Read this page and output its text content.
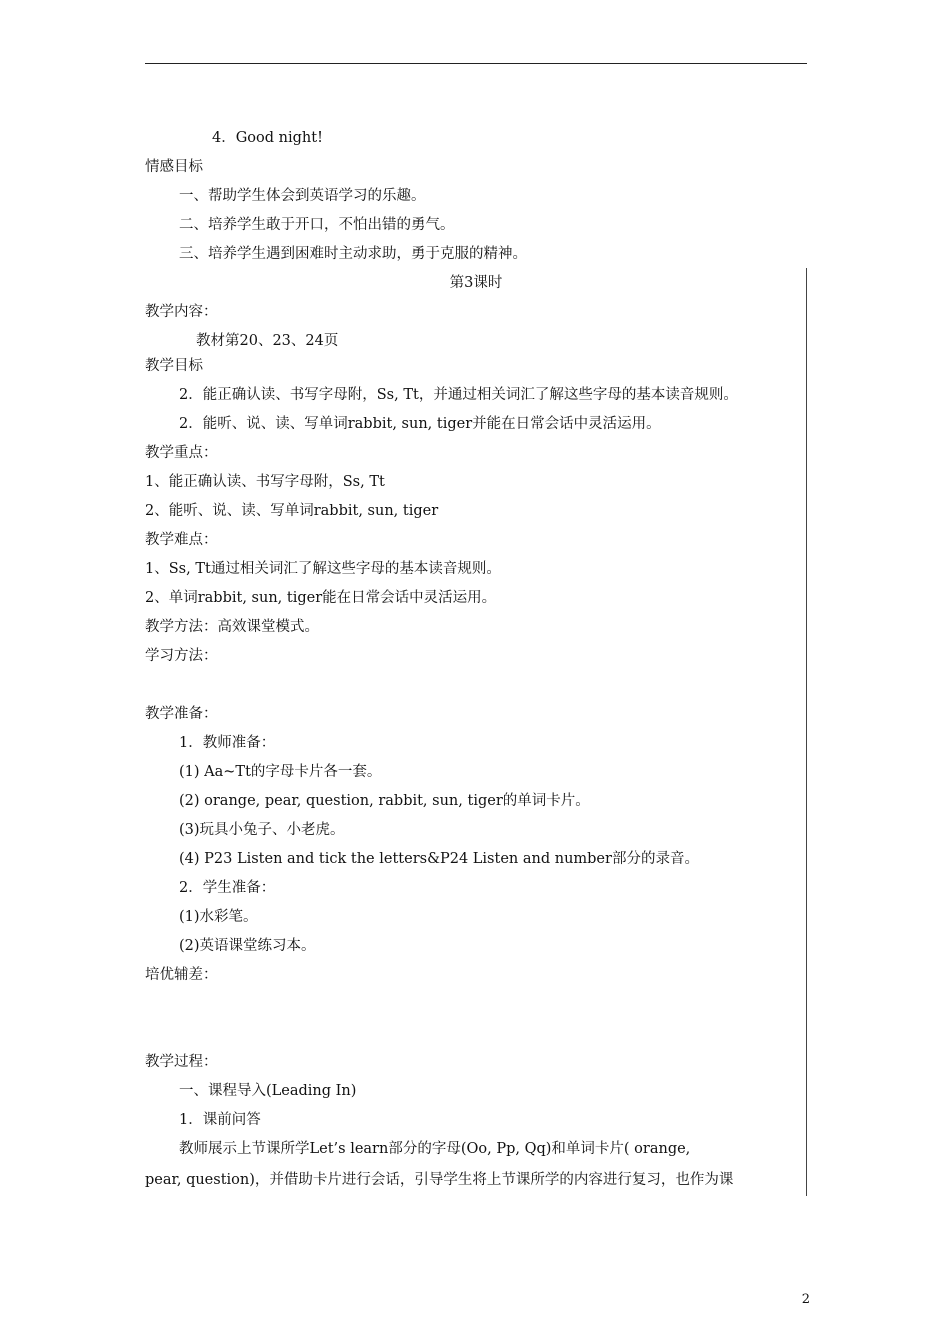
4．Good night!
情感目标
一、帮助学生体会到英语学习的乐趣。
二、培养学生敢于开口，不怕出错的勇气。
三、培养学生遇到困难时主动求助，勇于克服的精神。
第3课时
教学内容：
教材第20、23、24页
教学目标
2．能正确认读、书写字母附，Ss, Tt，并通过相关词汇了解这些字母的基本读音规则。
2．能听、说、读、写单词rabbit, sun, tiger并能在日常会话中灵活运用。
教学重点：
1、能正确认读、书写字母附，Ss, Tt
2、能听、说、读、写单词rabbit, sun, tiger
教学难点：
1、Ss, Tt通过相关词汇了解这些字母的基本读音规则。
2、单词rabbit, sun, tiger能在日常会话中灵活运用。
教学方法：高效课堂模式。
学习方法：
教学准备：
1．教师准备：
(1) Aa~Tt的字母卡片各一套。
(2) orange, pear, question, rabbit, sun, tiger的单词卡片。
(3)玩具小兔子、小老虎。
(4) P23 Listen and tick the letters&P24 Listen and number部分的录音。
2．学生准备：
(1)水彩笔。
(2)英语课堂练习本。
培优辅差：
教学过程：
一、课程导入(Leading In)
1．课前问答
教师展示上节课所学Let’s learn部分的字母(Oo, Pp, Qq)和单词卡片( orange,
pear, question)，并借助卡片进行会话，引导学生将上节课所学的内容进行复习，也作为课
2
